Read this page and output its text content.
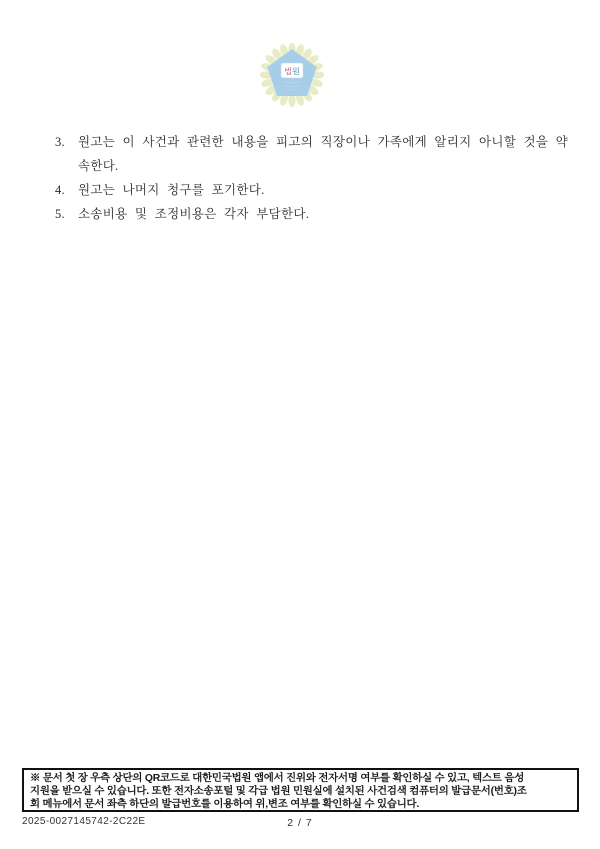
법원
3.	원고는 이 사건과 관련한 내용을 피고의 직장이나 가족에게 알리지 아니할 것을 약
속한다.
4.	원고는 나머지 청구를 포기한다.
5.	소송비용 및 조정비용은 각자 부담한다.
※ 문서 첫 장 우측 상단의 QR코드로 대한민국법원 앱에서 진위와 전자서명 여부를 확인하실 수 있고, 텍스트 음성
지원을 받으실 수 있습니다. 또한 전자소송포털 및 각급 법원 민원실에 설치된 사건검색 컴퓨터의 발급문서(번호)조
회 메뉴에서 문서 좌측 하단의 발급번호를 이용하여 위,변조 여부를 확인하실 수 있습니다.
2025-0027145742-2C22E	2 / 7
